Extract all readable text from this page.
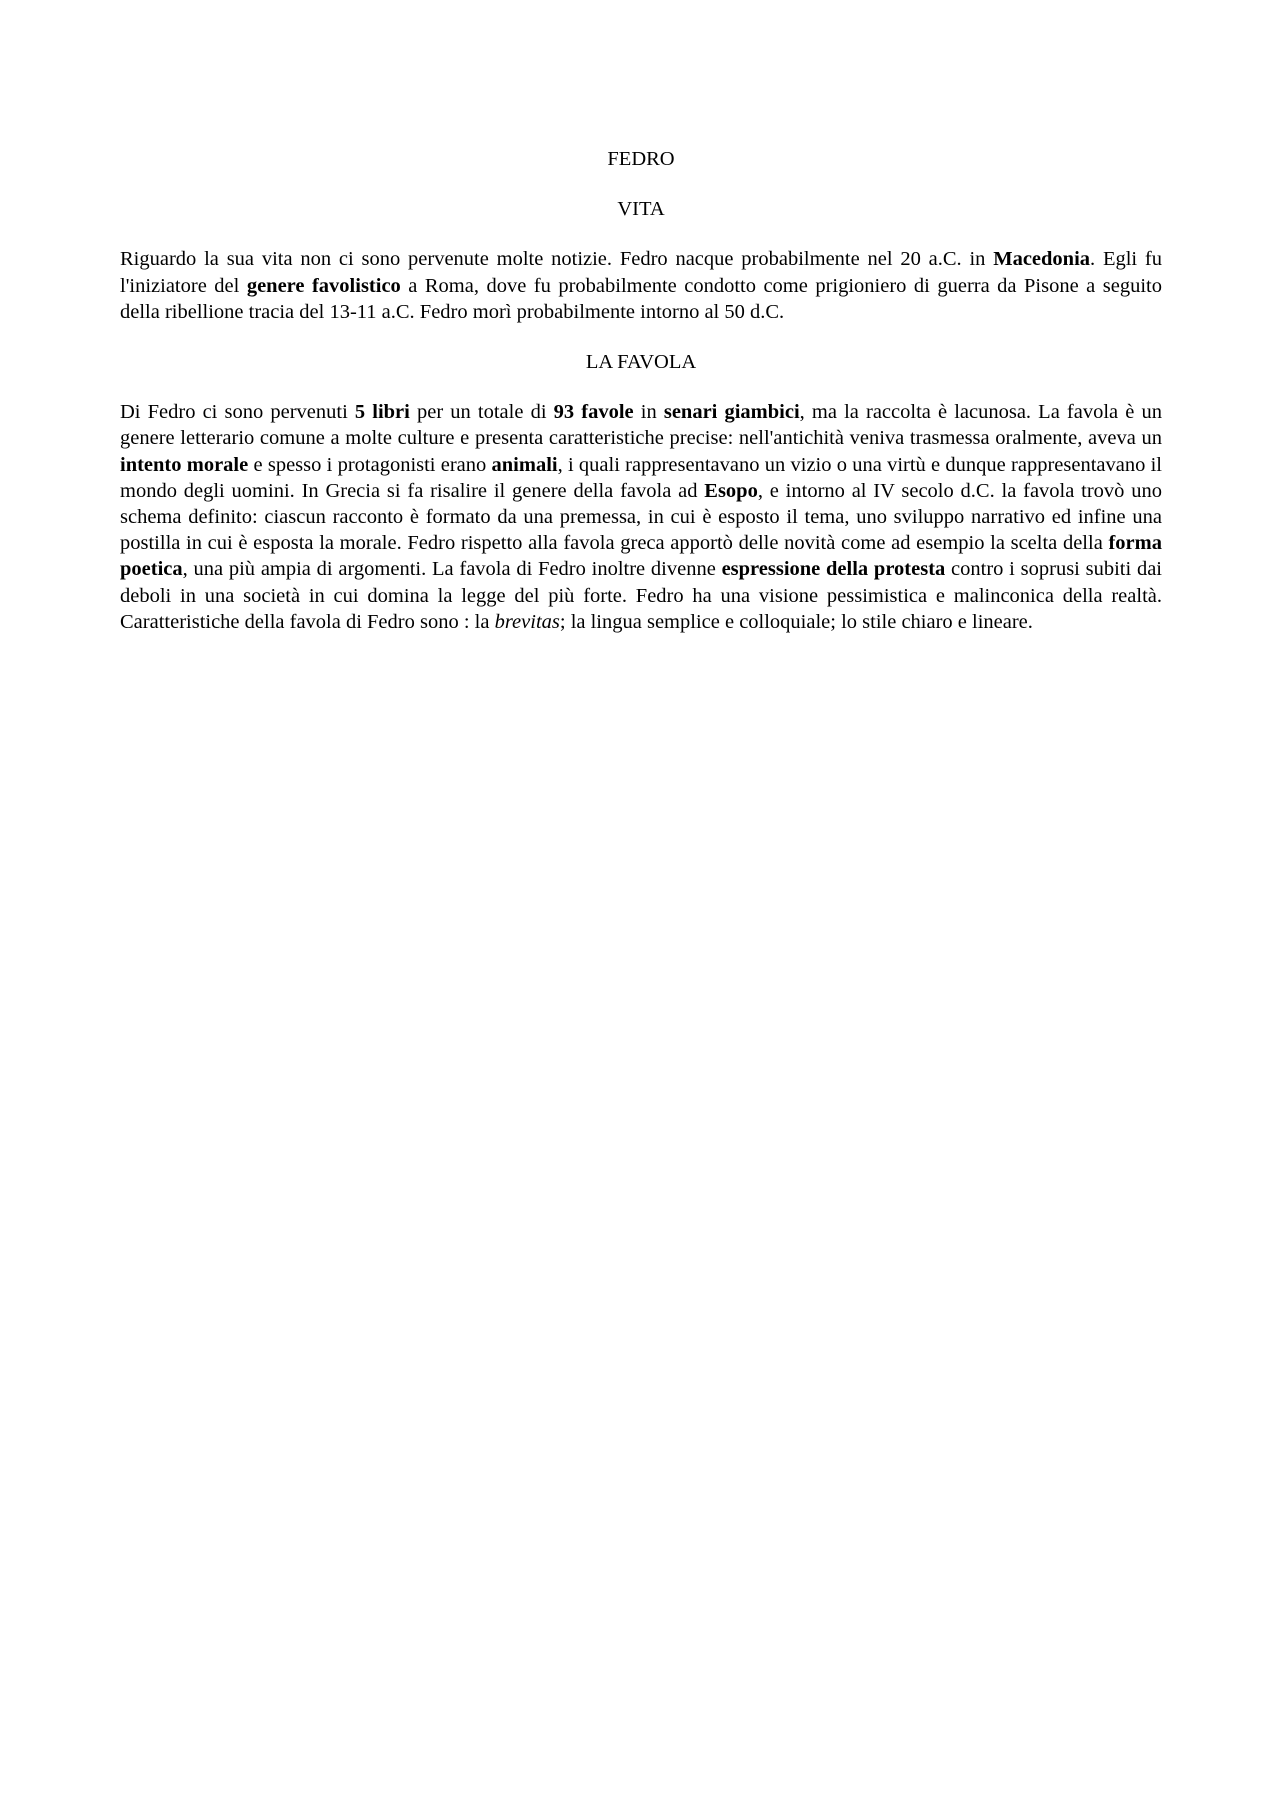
FEDRO
VITA

Riguardo la sua vita non ci sono pervenute molte notizie. Fedro nacque probabilmente nel 20 a.C. in Macedonia. Egli fu l'iniziatore del genere favolistico a Roma, dove fu probabilmente condotto come prigioniero di guerra da Pisone a seguito della ribellione tracia del 13-11 a.C. Fedro morì probabilmente intorno al 50 d.C.

LA FAVOLA

Di Fedro ci sono pervenuti 5 libri per un totale di 93 favole in senari giambici, ma la raccolta è lacunosa. La favola è un genere letterario comune a molte culture e presenta caratteristiche precise: nell'antichità veniva trasmessa oralmente, aveva un intento morale e spesso i protagonisti erano animali, i quali rappresentavano un vizio o una virtù e dunque rappresentavano il mondo degli uomini. In Grecia si fa risalire il genere della favola ad Esopo, e intorno al IV secolo d.C. la favola trovò uno schema definito: ciascun racconto è formato da una premessa, in cui è esposto il tema, uno sviluppo narrativo ed infine una postilla in cui è esposta la morale. Fedro rispetto alla favola greca apportò delle novità come ad esempio la scelta della forma poetica, una più ampia di argomenti. La favola di Fedro inoltre divenne espressione della protesta contro i soprusi subiti dai deboli in una società in cui domina la legge del più forte. Fedro ha una visione pessimistica e malinconica della realtà. Caratteristiche della favola di Fedro sono : la brevitas; la lingua semplice e colloquiale; lo stile chiaro e lineare.
